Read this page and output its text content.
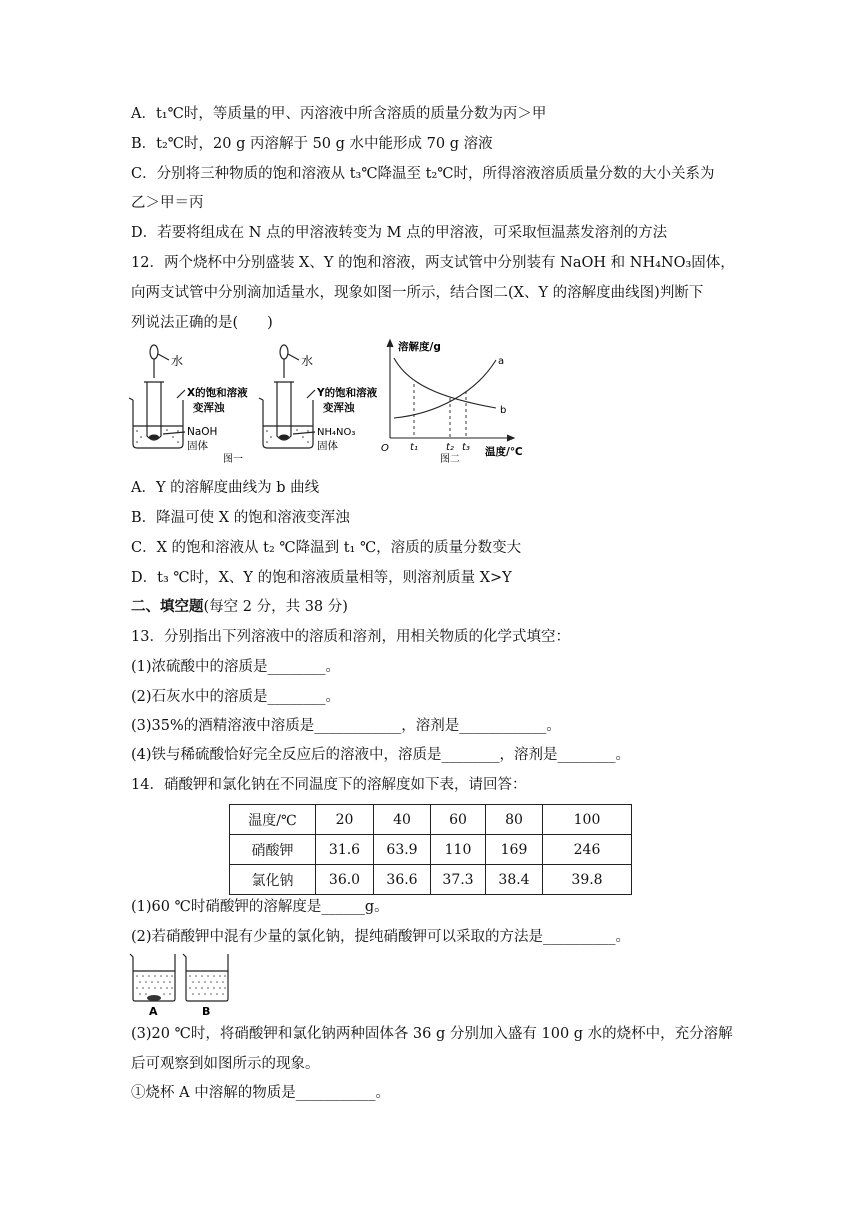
A．t₁℃时，等质量的甲、丙溶液中所含溶质的质量分数为丙＞甲
B．t₂℃时，20 g 丙溶解于 50 g 水中能形成 70 g 溶液
C．分别将三种物质的饱和溶液从 t₃℃降温至 t₂℃时，所得溶液溶质质量分数的大小关系为
乙＞甲＝丙
D．若要将组成在 N 点的甲溶液转变为 M 点的甲溶液，可采取恒温蒸发溶剂的方法
12．两个烧杯中分别盛装 X、Y 的饱和溶液，两支试管中分别装有 NaOH 和 NH₄NO₃固体，
向两支试管中分别滴加适量水，现象如图一所示，结合图二(X、Y 的溶解度曲线图)判断下
列说法正确的是(　　)
水
X的饱和溶液
变浑浊
NaOH
固体
水
Y的饱和溶液
变浑浊
NH₄NO₃
固体
图一
溶解度/g
a
b
O t₁	t₂ t₃ 温度/℃
图二
A．Y 的溶解度曲线为 b 曲线
B．降温可使 X 的饱和溶液变浑浊
C．X 的饱和溶液从 t₂ ℃降温到 t₁ ℃，溶质的质量分数变大
D．t₃ ℃时，X、Y 的饱和溶液质量相等，则溶剂质量 X>Y
二、填空题(每空 2 分，共 38 分)
13．分别指出下列溶液中的溶质和溶剂，用相关物质的化学式填空：
(1)浓硫酸中的溶质是________。
(2)石灰水中的溶质是________。
(3)35%的酒精溶液中溶质是____________，溶剂是____________。
(4)铁与稀硫酸恰好完全反应后的溶液中，溶质是________，溶剂是________。
14．硝酸钾和氯化钠在不同温度下的溶解度如下表，请回答：
温度/℃	20	40	60	80	100
硝酸钾	31.6	63.9	110	169	246
氯化钠	36.0	36.6	37.3	38.4	39.8
(1)60 ℃时硝酸钾的溶解度是______g。
(2)若硝酸钾中混有少量的氯化钠，提纯硝酸钾可以采取的方法是__________。
A	B
(3)20 ℃时，将硝酸钾和氯化钠两种固体各 36 g 分别加入盛有 100 g 水的烧杯中，充分溶解
后可观察到如图所示的现象。
①烧杯 A 中溶解的物质是___________。
